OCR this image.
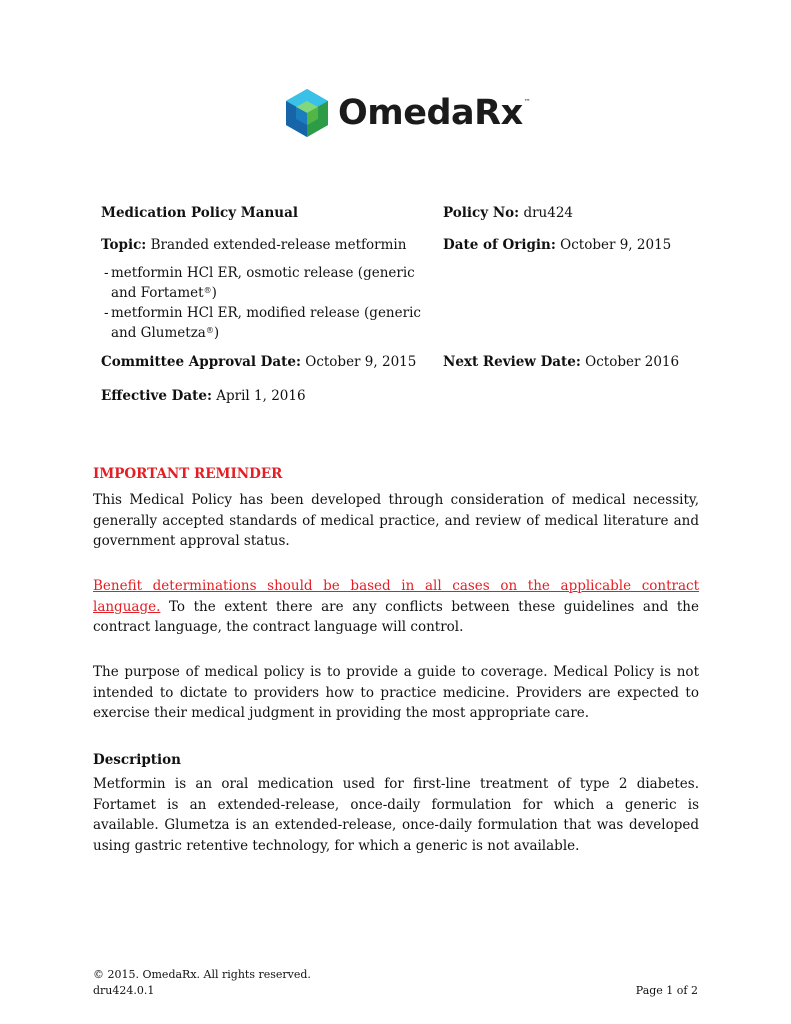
OmedaRx ™
Medication Policy Manual	Policy No: dru424
Topic: Branded extended-release metformin	Date of Origin: October 9, 2015
- metformin HCl ER, osmotic release (generic and Fortamet®)
- metformin HCl ER, modified release (generic and Glumetza®)
Committee Approval Date: October 9, 2015 Next Review Date: October 2016
Effective Date: April 1, 2016
IMPORTANT REMINDER
This Medical Policy has been developed through consideration of medical necessity, generally accepted standards of medical practice, and review of medical literature and government approval status.
Benefit determinations should be based in all cases on the applicable contract language. To the extent there are any conflicts between these guidelines and the contract language, the contract language will control.
The purpose of medical policy is to provide a guide to coverage. Medical Policy is not intended to dictate to providers how to practice medicine. Providers are expected to exercise their medical judgment in providing the most appropriate care.
Description
Metformin is an oral medication used for first-line treatment of type 2 diabetes. Fortamet is an extended-release, once-daily formulation for which a generic is available. Glumetza is an extended-release, once-daily formulation that was developed using gastric retentive technology, for which a generic is not available.
© 2015. OmedaRx. All rights reserved.
dru424.0.1	Page 1 of 2
